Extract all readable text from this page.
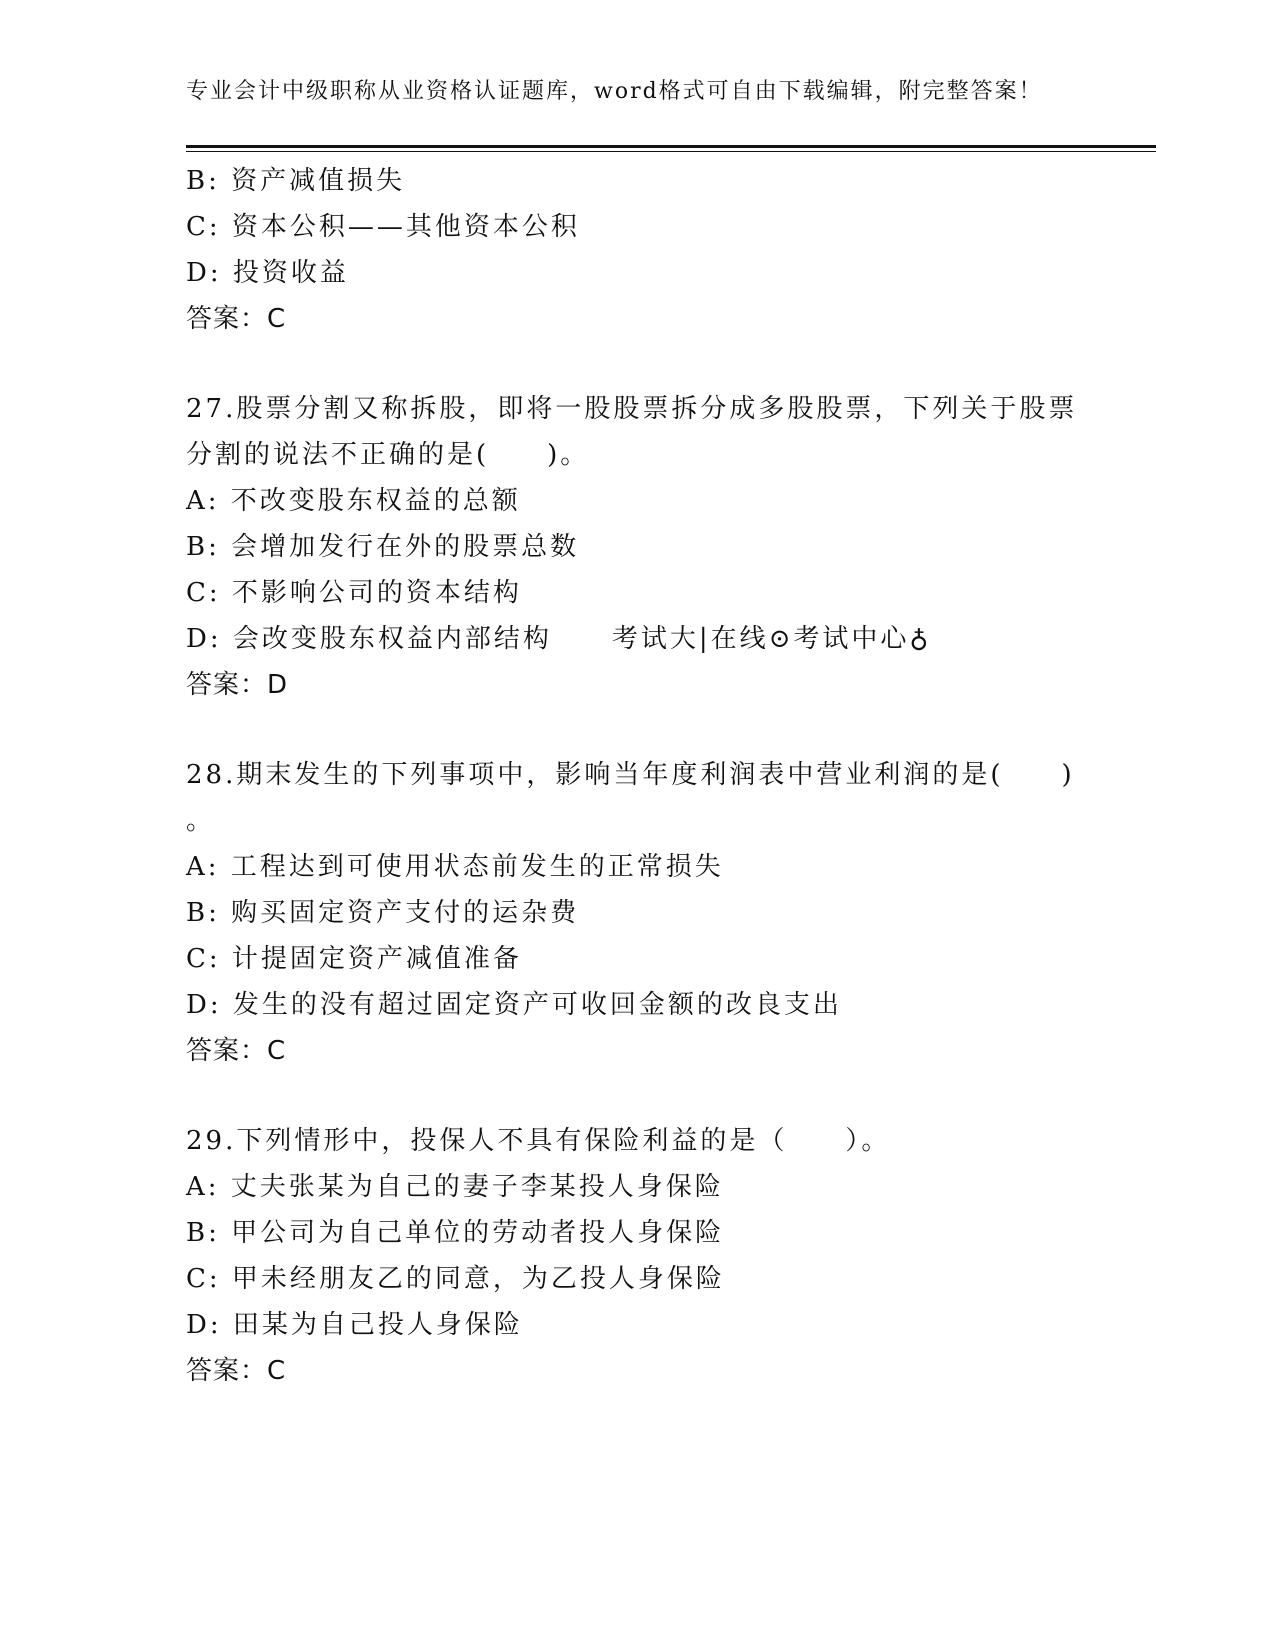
专业会计中级职称从业资格认证题库，word格式可自由下载编辑，附完整答案！
B: 资产减值损失
C: 资本公积——其他资本公积
D: 投资收益
答案：C
27.股票分割又称拆股，即将一股股票拆分成多股股票，下列关于股票
分割的说法不正确的是(　　)。
A: 不改变股东权益的总额
B: 会增加发行在外的股票总数
C: 不影响公司的资本结构
D: 会改变股东权益内部结构 考试大|在线⊙考试中心♁
答案：D
28.期末发生的下列事项中，影响当年度利润表中营业利润的是(　　)
。
A: 工程达到可使用状态前发生的正常损失
B: 购买固定资产支付的运杂费
C: 计提固定资产减值准备
D: 发生的没有超过固定资产可收回金额的改良支出
答案：C
29.下列情形中，投保人不具有保险利益的是（　　）。
A: 丈夫张某为自己的妻子李某投人身保险
B: 甲公司为自己单位的劳动者投人身保险
C: 甲未经朋友乙的同意，为乙投人身保险
D: 田某为自己投人身保险
答案：C
